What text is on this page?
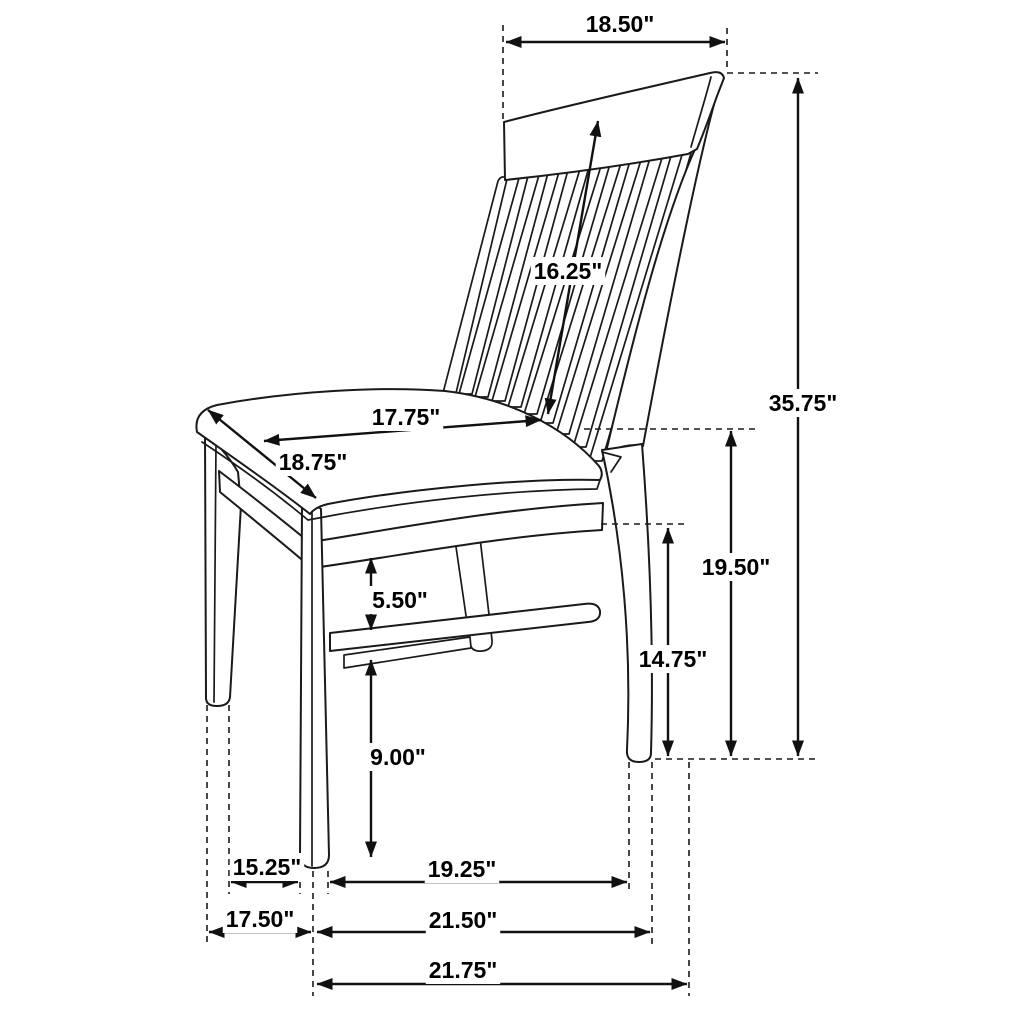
18.50"
35.75"
19.50"
14.75"
16.25"
17.75"
18.75"
5.50"
9.00"
15.25"	19.25"
17.50"	21.50"
21.75"
